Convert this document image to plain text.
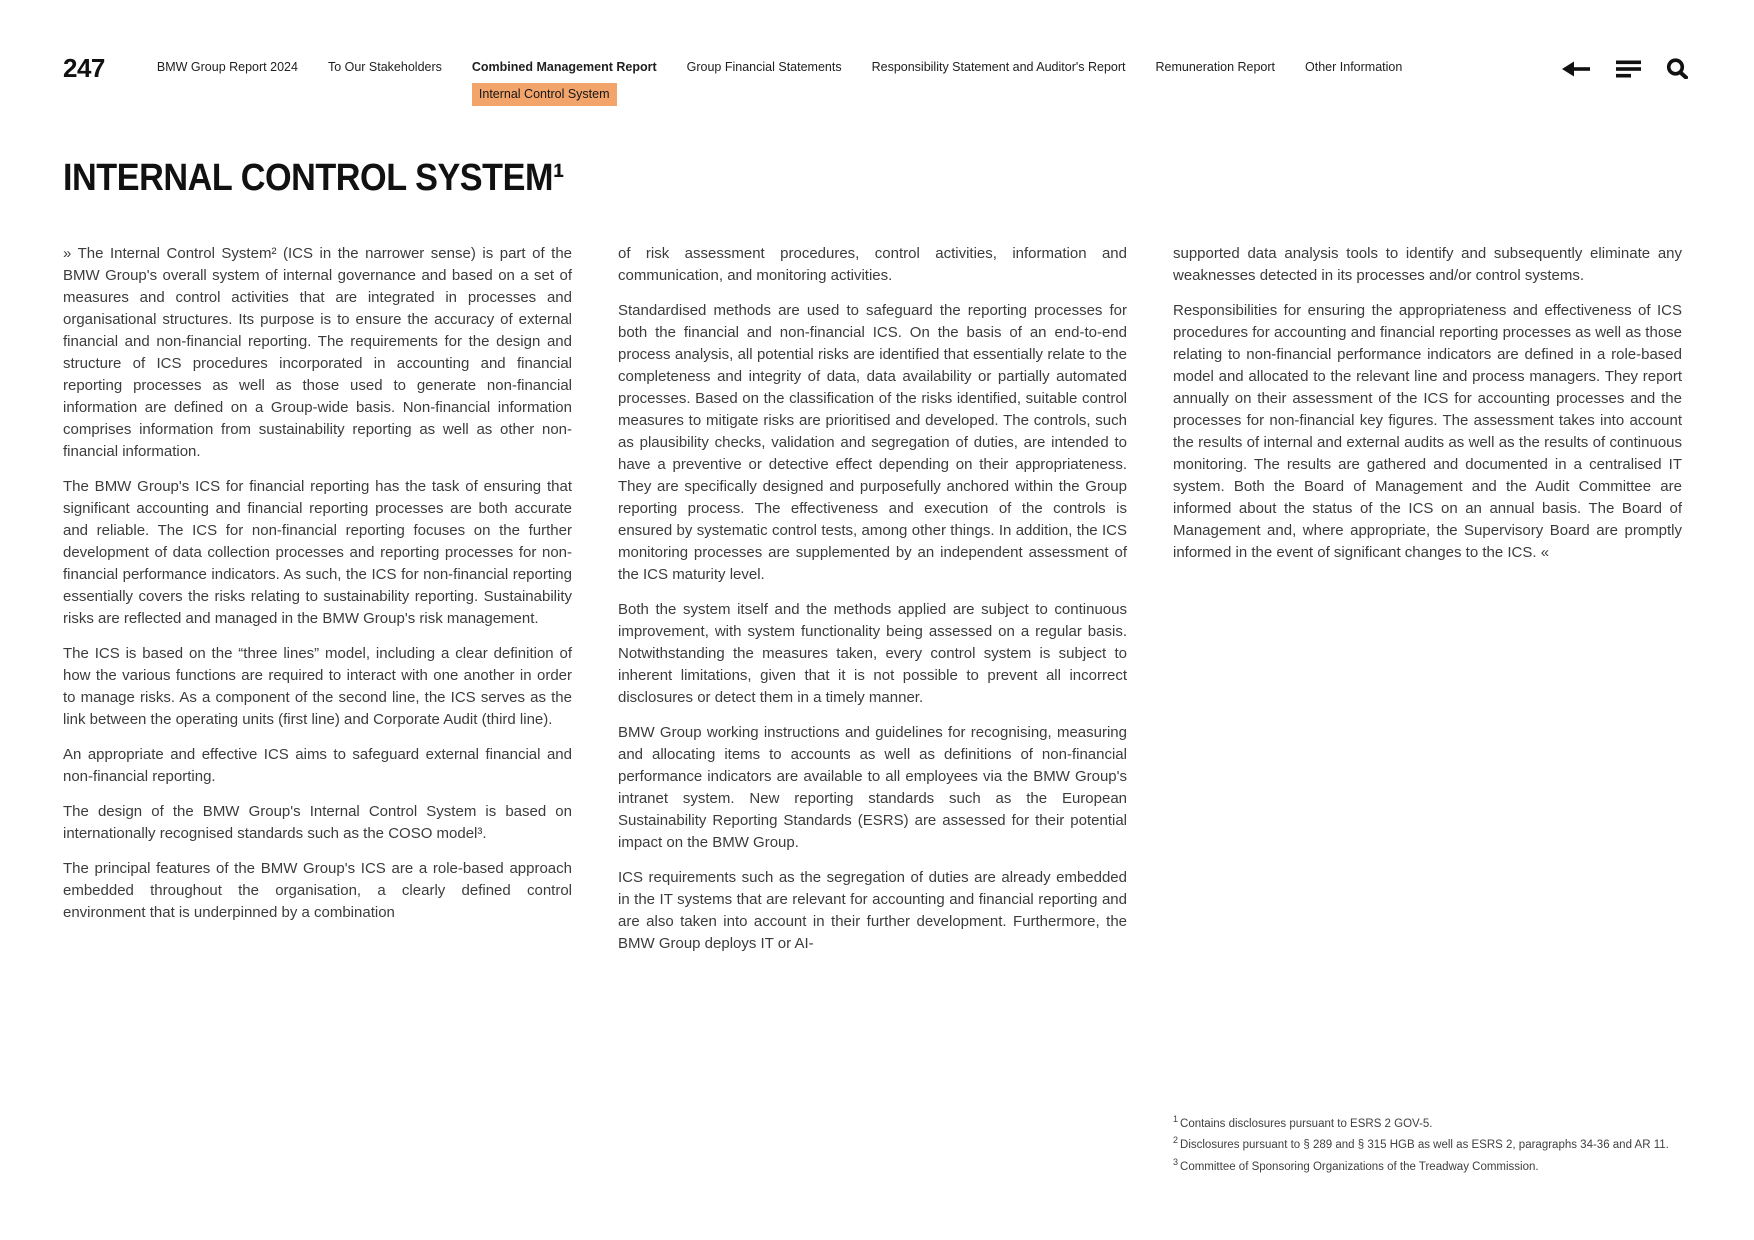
247	BMW Group Report 2024 To Our Stakeholders Combined Management Report
Internal Control System
Group Financial Statements Responsibility Statement and Auditor's Report Remuneration Report Other Information
INTERNAL CONTROL SYSTEM¹

» The Internal Control System² (ICS in the narrower sense) is part of the BMW Group's overall system of internal governance and based on a set of measures and control activities that are integrated in processes and organisational structures. Its purpose is to ensure the accuracy of external financial and non-financial reporting. The requirements for the design and structure of ICS procedures incorporated in accounting and financial reporting processes as well as those used to generate non-financial information are defined on a Group-wide basis. Non-financial information comprises information from sustainability reporting as well as other non-financial information.

The BMW Group's ICS for financial reporting has the task of ensuring that significant accounting and financial reporting processes are both accurate and reliable. The ICS for non-financial reporting focuses on the further development of data collection processes and reporting processes for non-financial performance indicators. As such, the ICS for non-financial reporting essentially covers the risks relating to sustainability reporting. Sustainability risks are reflected and managed in the BMW Group's risk management.

The ICS is based on the “three lines” model, including a clear definition of how the various functions are required to interact with one another in order to manage risks. As a component of the second line, the ICS serves as the link between the operating units (first line) and Corporate Audit (third line).

An appropriate and effective ICS aims to safeguard external financial and non-financial reporting.

The design of the BMW Group's Internal Control System is based on internationally recognised standards such as the COSO model³.

The principal features of the BMW Group's ICS are a role-based approach embedded throughout the organisation, a clearly defined control environment that is underpinned by a combination

of risk assessment procedures, control activities, information and communication, and monitoring activities.

Standardised methods are used to safeguard the reporting processes for both the financial and non-financial ICS. On the basis of an end-to-end process analysis, all potential risks are identified that essentially relate to the completeness and integrity of data, data availability or partially automated processes. Based on the classification of the risks identified, suitable control measures to mitigate risks are prioritised and developed. The controls, such as plausibility checks, validation and segregation of duties, are intended to have a preventive or detective effect depending on their appropriateness. They are specifically designed and purposefully anchored within the Group reporting process. The effectiveness and execution of the controls is ensured by systematic control tests, among other things. In addition, the ICS monitoring processes are supplemented by an independent assessment of the ICS maturity level.

Both the system itself and the methods applied are subject to continuous improvement, with system functionality being assessed on a regular basis. Notwithstanding the measures taken, every control system is subject to inherent limitations, given that it is not possible to prevent all incorrect disclosures or detect them in a timely manner.

BMW Group working instructions and guidelines for recognising, measuring and allocating items to accounts as well as definitions of non-financial performance indicators are available to all employees via the BMW Group's intranet system. New reporting standards such as the European Sustainability Reporting Standards (ESRS) are assessed for their potential impact on the BMW Group.

ICS requirements such as the segregation of duties are already embedded in the IT systems that are relevant for accounting and financial reporting and are also taken into account in their further development. Furthermore, the BMW Group deploys IT or AI-

supported data analysis tools to identify and subsequently eliminate any weaknesses detected in its processes and/or control systems.

Responsibilities for ensuring the appropriateness and effectiveness of ICS procedures for accounting and financial reporting processes as well as those relating to non-financial performance indicators are defined in a role-based model and allocated to the relevant line and process managers. They report annually on their assessment of the ICS for accounting processes and the processes for non-financial key figures. The assessment takes into account the results of internal and external audits as well as the results of continuous monitoring. The results are gathered and documented in a centralised IT system. Both the Board of Management and the Audit Committee are informed about the status of the ICS on an annual basis. The Board of Management and, where appropriate, the Supervisory Board are promptly informed in the event of significant changes to the ICS. «

$^1$ Contains disclosures pursuant to ESRS 2 GOV-5.

$^2$ Disclosures pursuant to § 289 and § 315 HGB as well as ESRS 2, paragraphs 34-36 and AR 11.

$^3$ Committee of Sponsoring Organizations of the Treadway Commission.
